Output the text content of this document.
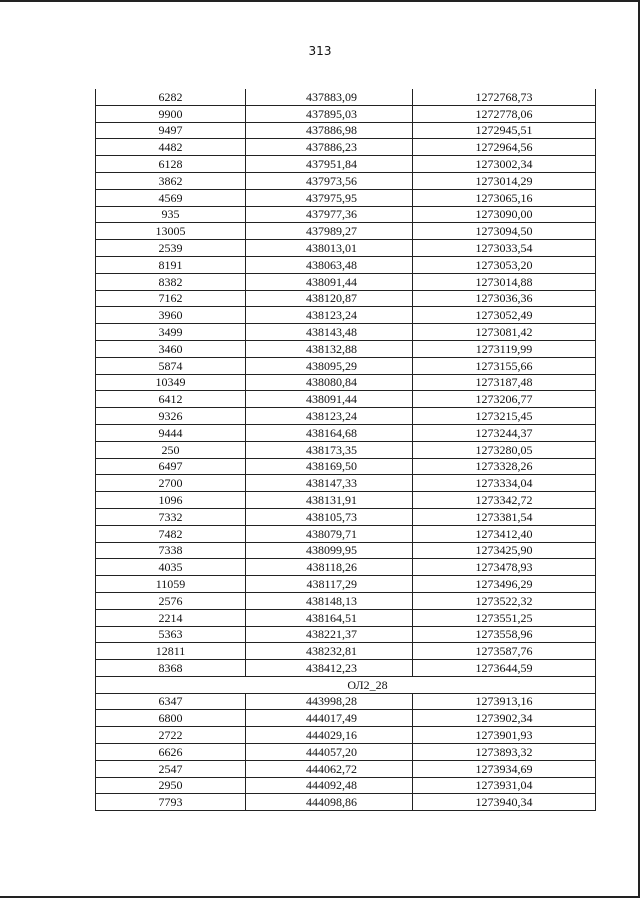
313
6282	437883,09	1272768,73
9900	437895,03	1272778,06
9497	437886,98	1272945,51
4482	437886,23	1272964,56
6128	437951,84	1273002,34
3862	437973,56	1273014,29
4569	437975,95	1273065,16
935	437977,36	1273090,00
13005	437989,27	1273094,50
2539	438013,01	1273033,54
8191	438063,48	1273053,20
8382	438091,44	1273014,88
7162	438120,87	1273036,36
3960	438123,24	1273052,49
3499	438143,48	1273081,42
3460	438132,88	1273119,99
5874	438095,29	1273155,66
10349	438080,84	1273187,48
6412	438091,44	1273206,77
9326	438123,24	1273215,45
9444	438164,68	1273244,37
250	438173,35	1273280,05
6497	438169,50	1273328,26
2700	438147,33	1273334,04
1096	438131,91	1273342,72
7332	438105,73	1273381,54
7482	438079,71	1273412,40
7338	438099,95	1273425,90
4035	438118,26	1273478,93
11059	438117,29	1273496,29
2576	438148,13	1273522,32
2214	438164,51	1273551,25
5363	438221,37	1273558,96
12811	438232,81	1273587,76
8368	438412,23	1273644,59
ОЛ2_28		
6347	443998,28	1273913,16
6800	444017,49	1273902,34
2722	444029,16	1273901,93
6626	444057,20	1273893,32
2547	444062,72	1273934,69
2950	444092,48	1273931,04
7793	444098,86	1273940,34
